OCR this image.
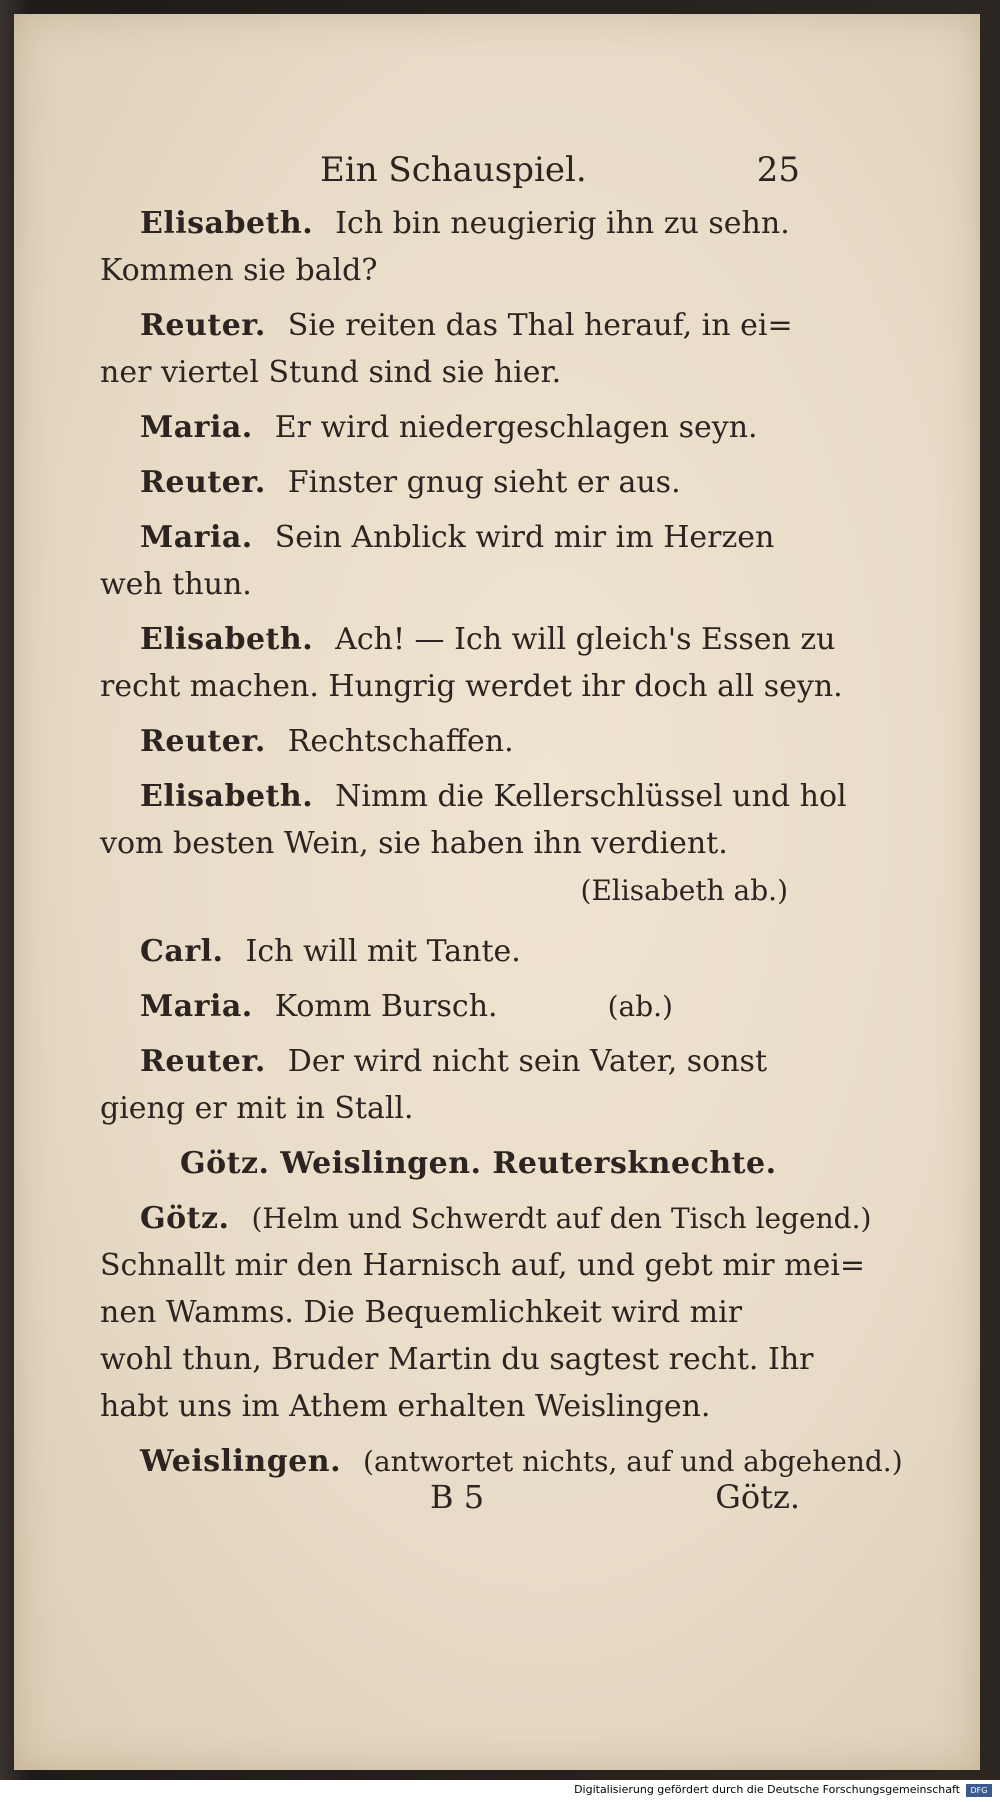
Ein Schauspiel.	25
Elisabeth. Ich bin neugierig ihn zu sehn.
Kommen sie bald?
Reuter. Sie reiten das Thal herauf, in ei=
ner viertel Stund sind sie hier.
Maria. Er wird niedergeschlagen seyn.
Reuter. Finster gnug sieht er aus.
Maria. Sein Anblick wird mir im Herzen
weh thun.
Elisabeth. Ach! — Ich will gleich's Essen zu
recht machen. Hungrig werdet ihr doch all seyn.
Reuter. Rechtschaffen.
Elisabeth. Nimm die Kellerschlüssel und hol
vom besten Wein, sie haben ihn verdient.
(Elisabeth ab.)
Carl. Ich will mit Tante.
Maria. Komm Bursch.	(ab.)
Reuter. Der wird nicht sein Vater, sonst
gieng er mit in Stall.
Götz. Weislingen. Reutersknechte.
Götz. (Helm und Schwerdt auf den Tisch legend.)
Schnallt mir den Harnisch auf, und gebt mir mei=
nen Wamms. Die Bequemlichkeit wird mir
wohl thun, Bruder Martin du sagtest recht. Ihr
habt uns im Athem erhalten Weislingen.
Weislingen. (antwortet nichts, auf und abgehend.)
B 5	Götz.
Digitalisierung gefördert durch die Deutsche Forschungsgemeinschaft	DFG
